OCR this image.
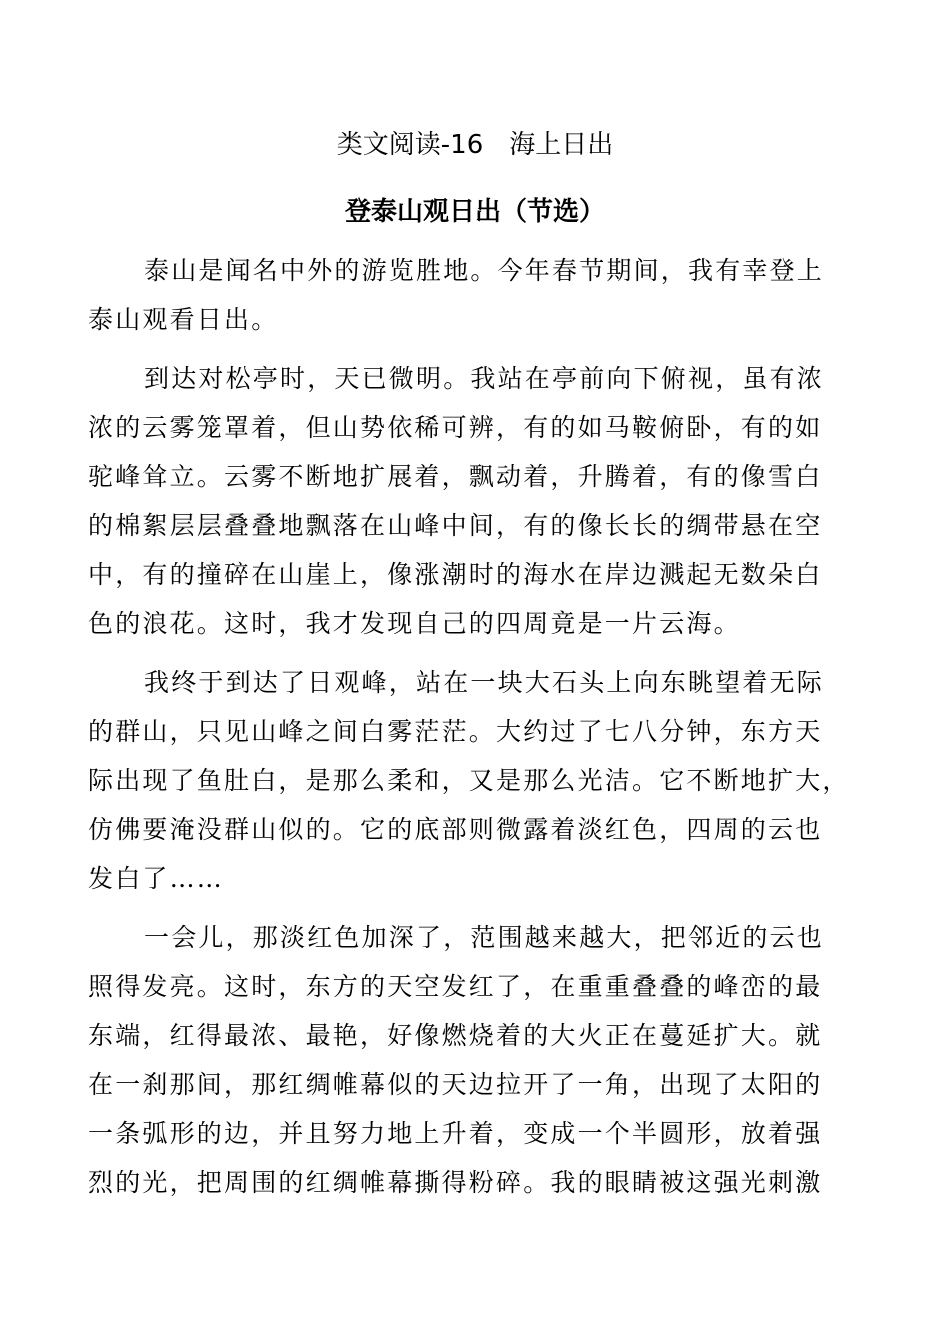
类文阅读-16　海上日出
登泰山观日出（节选）
泰山是闻名中外的游览胜地。今年春节期间，我有幸登上
泰山观看日出。
到达对松亭时，天已微明。我站在亭前向下俯视，虽有浓
浓的云雾笼罩着，但山势依稀可辨，有的如马鞍俯卧，有的如
驼峰耸立。云雾不断地扩展着，飘动着，升腾着，有的像雪白
的棉絮层层叠叠地飘落在山峰中间，有的像长长的绸带悬在空
中，有的撞碎在山崖上，像涨潮时的海水在岸边溅起无数朵白
色的浪花。这时，我才发现自己的四周竟是一片云海。
我终于到达了日观峰，站在一块大石头上向东眺望着无际
的群山，只见山峰之间白雾茫茫。大约过了七八分钟，东方天
际出现了鱼肚白，是那么柔和，又是那么光洁。它不断地扩大，
仿佛要淹没群山似的。它的底部则微露着淡红色，四周的云也
发白了……
一会儿，那淡红色加深了，范围越来越大，把邻近的云也
照得发亮。这时，东方的天空发红了，在重重叠叠的峰峦的最
东端，红得最浓、最艳，好像燃烧着的大火正在蔓延扩大。就
在一刹那间，那红绸帷幕似的天边拉开了一角，出现了太阳的
一条弧形的边，并且努力地上升着，变成一个半圆形，放着强
烈的光，把周围的红绸帷幕撕得粉碎。我的眼睛被这强光刺激
